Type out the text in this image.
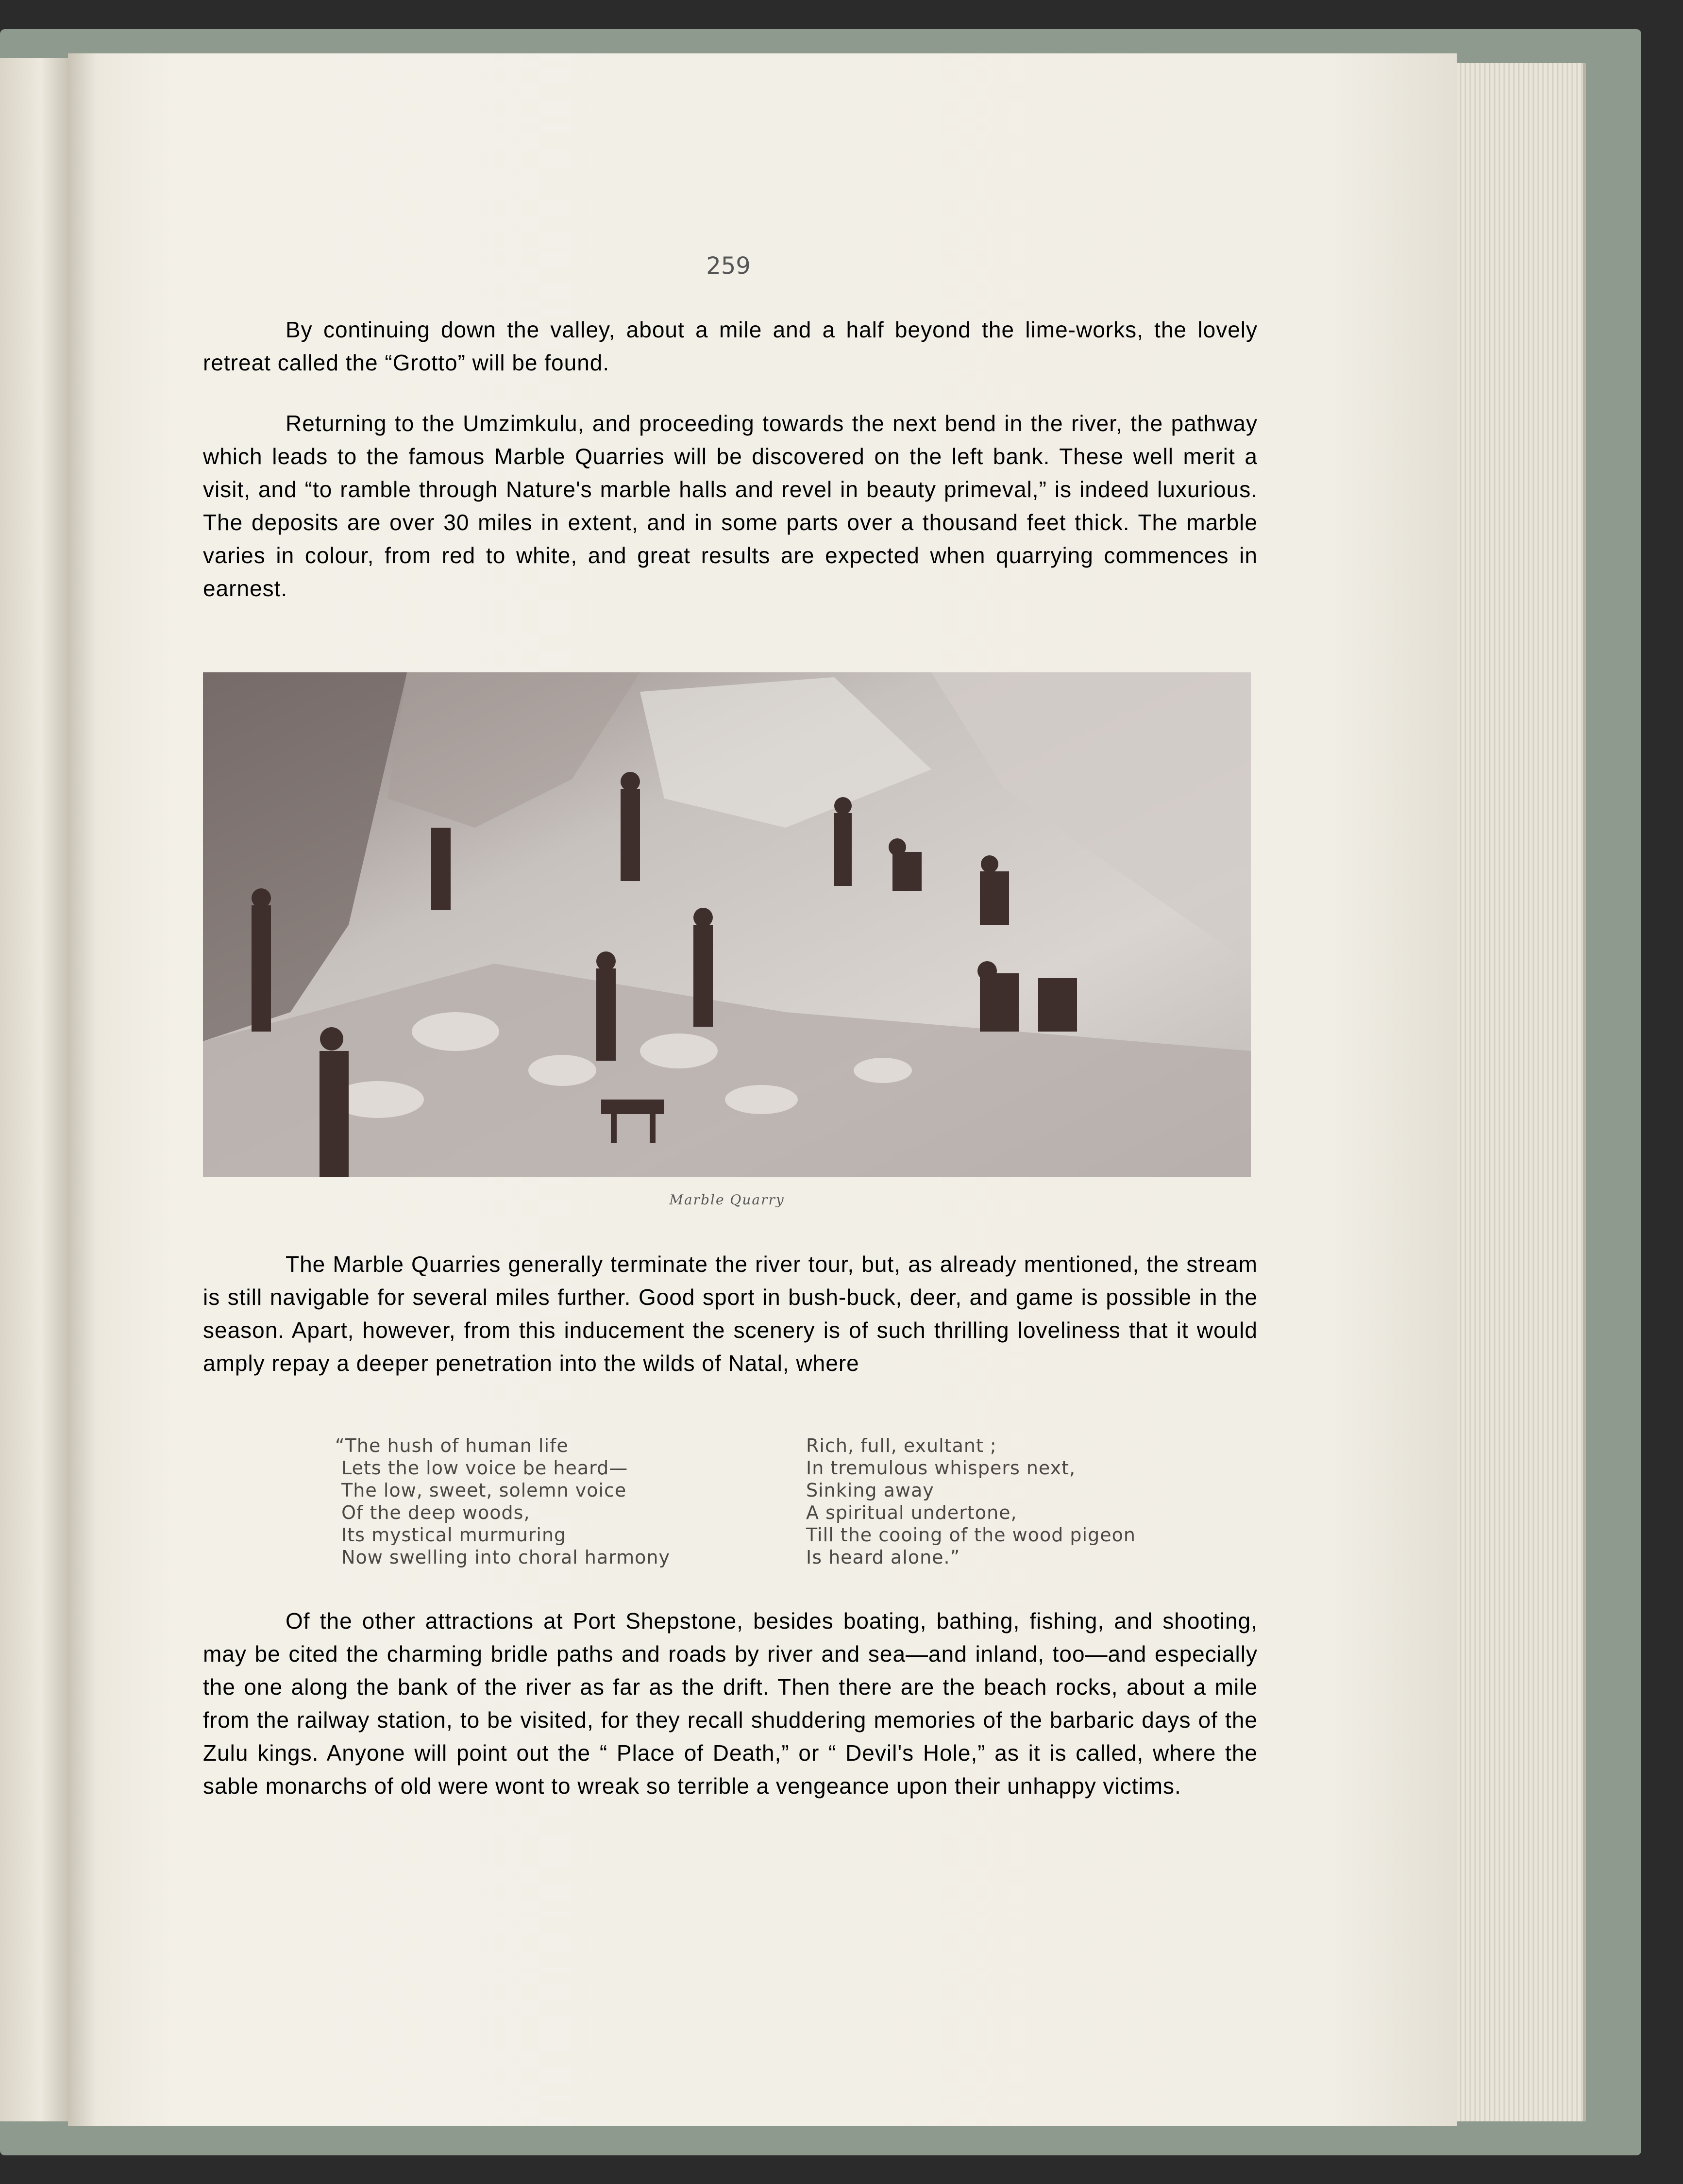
259

By continuing down the valley, about a mile and a half beyond the lime-works, the lovely retreat called the “Grotto” will be found.

Returning to the Umzimkulu, and proceeding towards the next bend in the river, the pathway which leads to the famous Marble Quarries will be discovered on the left bank. These well merit a visit, and “to ramble through Nature's marble halls and revel in beauty primeval,” is indeed luxurious. The deposits are over 30 miles in extent, and in some parts over a thousand feet thick. The marble varies in colour, from red to white, and great results are expected when quarrying commences in earnest.

Marble Quarry

The Marble Quarries generally terminate the river tour, but, as already mentioned, the stream is still navigable for several miles further. Good sport in bush-buck, deer, and game is possible in the season. Apart, however, from this inducement the scenery is of such thrilling loveliness that it would amply repay a deeper penetration into the wilds of Natal, where

“The hush of human life
Lets the low voice be heard—
The low, sweet, solemn voice
Of the deep woods,
Its mystical murmuring
Now swelling into choral harmony
Rich, full, exultant ;
In tremulous whispers next,
Sinking away
A spiritual undertone,
Till the cooing of the wood pigeon
Is heard alone.”

Of the other attractions at Port Shepstone, besides boating, bathing, fishing, and shooting, may be cited the charming bridle paths and roads by river and sea—and inland, too—and especially the one along the bank of the river as far as the drift. Then there are the beach rocks, about a mile from the railway station, to be visited, for they recall shuddering memories of the barbaric days of the Zulu kings. Anyone will point out the “ Place of Death,” or “ Devil's Hole,” as it is called, where the sable monarchs of old were wont to wreak so terrible a vengeance upon their unhappy victims.
